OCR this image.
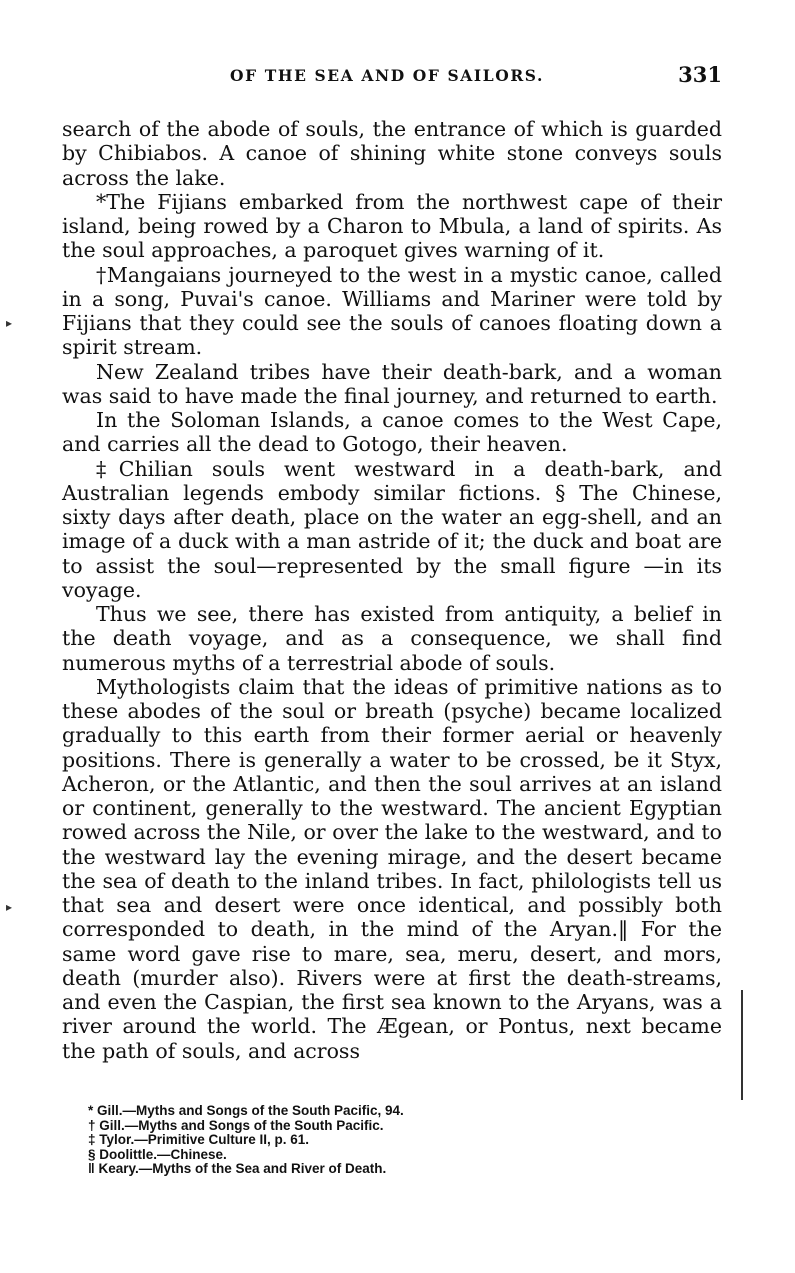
OF THE SEA AND OF SAILORS.	331

search of the abode of souls, the entrance of which is guarded by Chibiabos. A canoe of shining white stone conveys souls across the lake.

*The Fijians embarked from the northwest cape of their island, being rowed by a Charon to Mbula, a land of spirits. As the soul approaches, a paroquet gives warning of it.

†Mangaians journeyed to the west in a mystic canoe, called in a song, Puvai's canoe. Williams and Mariner were told by Fijians that they could see the souls of canoes floating down a spirit stream.

New Zealand tribes have their death-bark, and a woman was said to have made the final journey, and returned to earth.

In the Soloman Islands, a canoe comes to the West Cape, and carries all the dead to Gotogo, their heaven.

‡Chilian souls went westward in a death-bark, and Australian legends embody similar fictions. § The Chinese, sixty days after death, place on the water an egg-shell, and an image of a duck with a man astride of it; the duck and boat are to assist the soul—represented by the small figure —in its voyage.

Thus we see, there has existed from antiquity, a belief in the death voyage, and as a consequence, we shall find numerous myths of a terrestrial abode of souls.

Mythologists claim that the ideas of primitive nations as to these abodes of the soul or breath (psyche) became localized gradually to this earth from their former aerial or heavenly positions. There is generally a water to be crossed, be it Styx, Acheron, or the Atlantic, and then the soul arrives at an island or continent, generally to the westward. The ancient Egyptian rowed across the Nile, or over the lake to the westward, and to the westward lay the evening mirage, and the desert became the sea of death to the inland tribes. In fact, philologists tell us that sea and desert were once identical, and possibly both corresponded to death, in the mind of the Aryan.‖ For the same word gave rise to mare, sea, meru, desert, and mors, death (murder also). Rivers were at first the death-streams, and even the Caspian, the first sea known to the Aryans, was a river around the world. The Ægean, or Pontus, next became the path of souls, and across

* Gill.—Myths and Songs of the South Pacific, 94.
† Gill.—Myths and Songs of the South Pacific.
‡ Tylor.—Primitive Culture II, p. 61.
§ Doolittle.—Chinese.
‖ Keary.—Myths of the Sea and River of Death.
▸
▸
